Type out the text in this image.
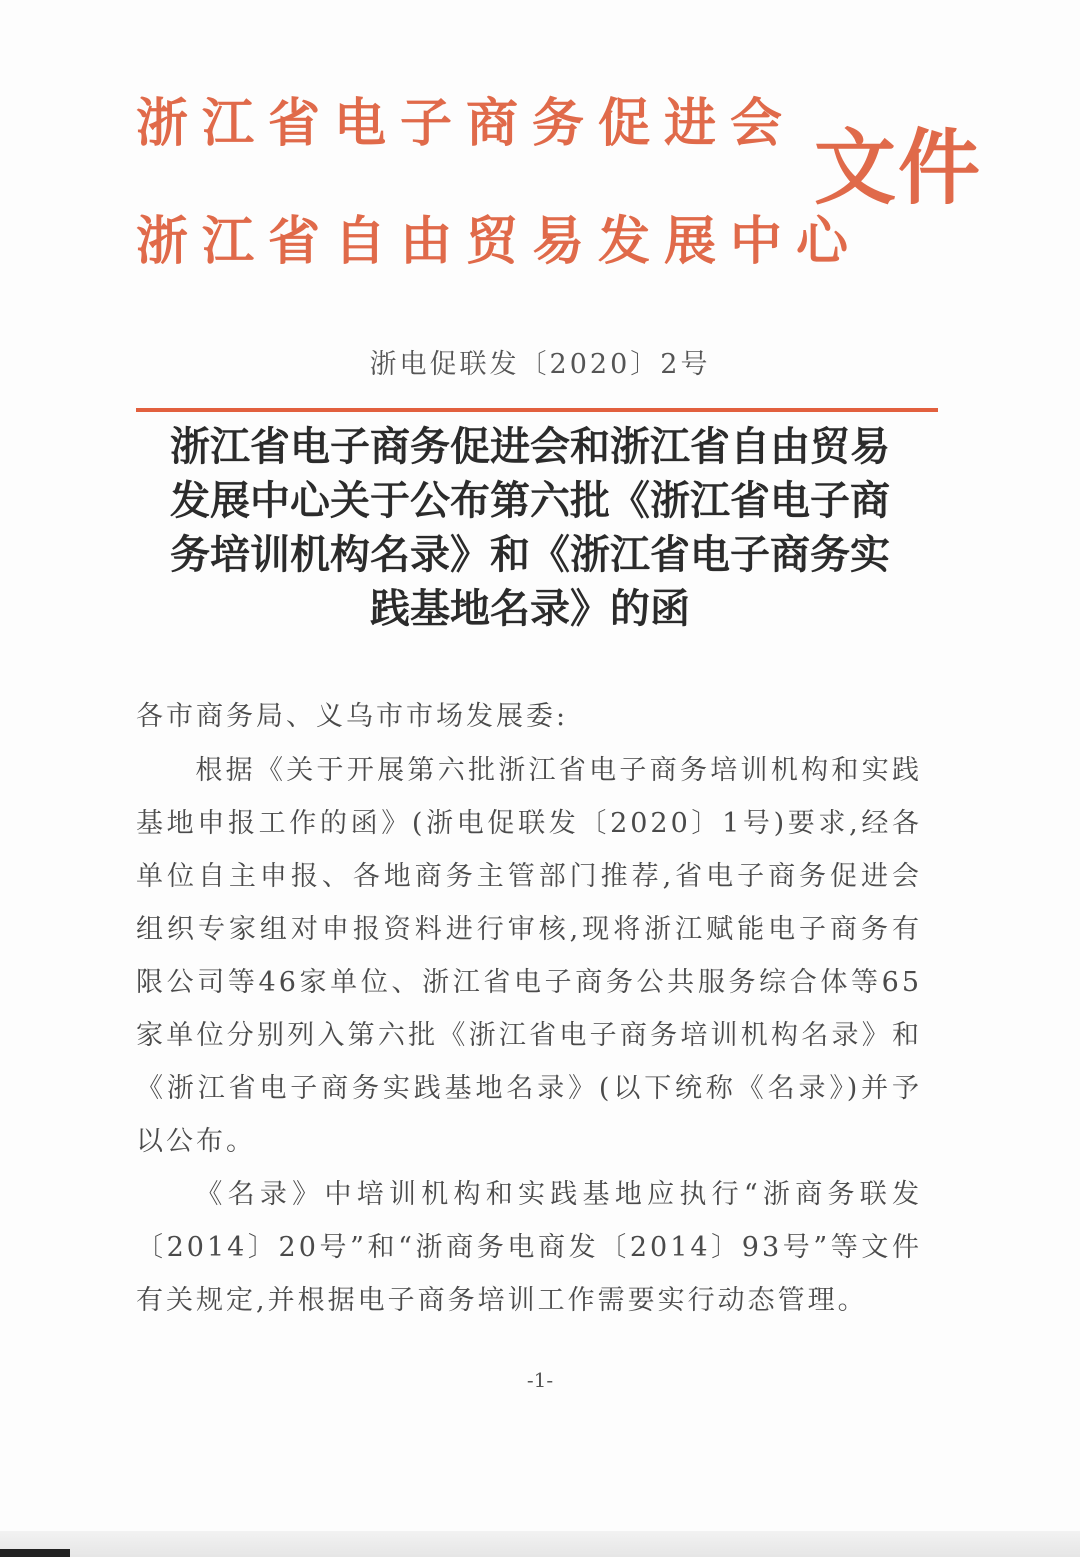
浙江省电子商务促进会
浙江省自由贸易发展中心
文件
浙电促联发〔2020〕2号
浙江省电子商务促进会和浙江省自由贸易
发展中心关于公布第六批《浙江省电子商
务培训机构名录》和《浙江省电子商务实
践基地名录》的函
各市商务局、义乌市市场发展委:
根据《关于开展第六批浙江省电子商务培训机构和实践基地申报工作的函》(浙电促联发〔2020〕1号)要求,经各单位自主申报、各地商务主管部门推荐,省电子商务促进会组织专家组对申报资料进行审核,现将浙江赋能电子商务有限公司等46家单位、浙江省电子商务公共服务综合体等65家单位分别列入第六批《浙江省电子商务培训机构名录》和《浙江省电子商务实践基地名录》(以下统称《名录》)并予以公布。
《名录》中培训机构和实践基地应执行“浙商务联发〔2014〕20号”和“浙商务电商发〔2014〕93号”等文件有关规定,并根据电子商务培训工作需要实行动态管理。
-1-
